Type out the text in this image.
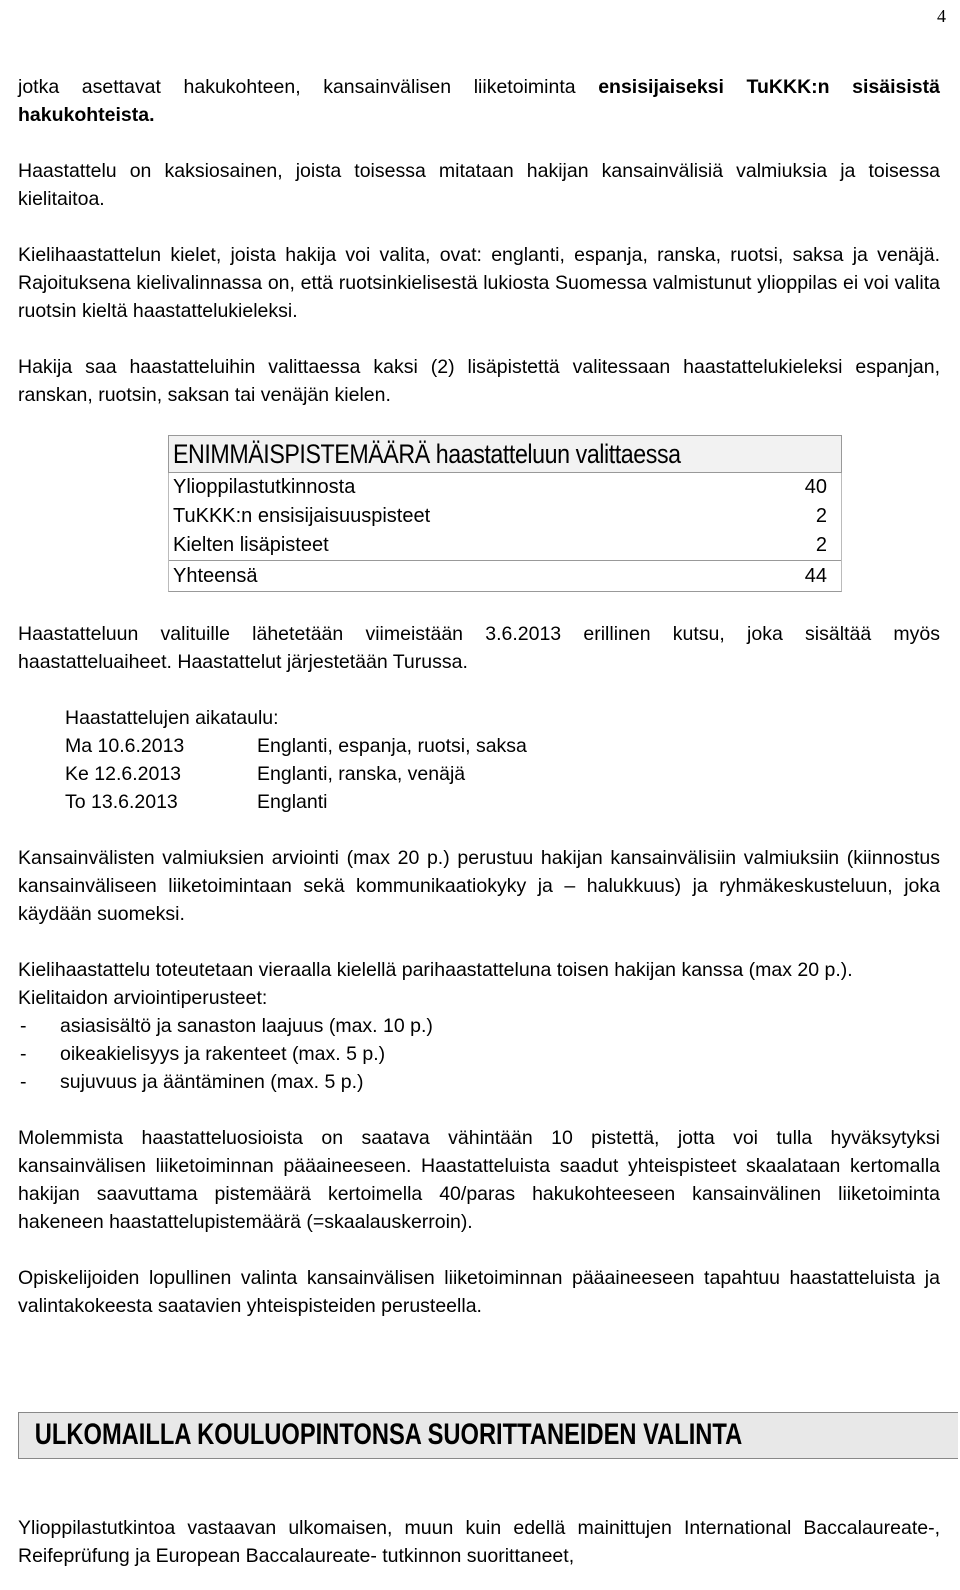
4

jotka asettavat hakukohteen, kansainvälisen liiketoiminta ensisijaiseksi TuKKK:n sisäisistä hakukohteista.

Haastattelu on kaksiosainen, joista toisessa mitataan hakijan kansainvälisiä valmiuksia ja toisessa kielitaitoa.

Kielihaastattelun kielet, joista hakija voi valita, ovat: englanti, espanja, ranska, ruotsi, saksa ja venäjä. Rajoituksena kielivalinnassa on, että ruotsinkielisestä lukiosta Suomessa valmistunut ylioppilas ei voi valita ruotsin kieltä haastattelukieleksi.

Hakija saa haastatteluihin valittaessa kaksi (2) lisäpistettä valitessaan haastattelukieleksi espanjan, ranskan, ruotsin, saksan tai venäjän kielen.

ENIMMÄISPISTEMÄÄRÄ haastatteluun valittaessa
Ylioppilastutkinnosta	40
TuKKK:n ensisijaisuuspisteet	2
Kielten lisäpisteet	2
Yhteensä	44

Haastatteluun valituille lähetetään viimeistään 3.6.2013 erillinen kutsu, joka sisältää myös haastatteluaiheet. Haastattelut järjestetään Turussa.

Haastattelujen aikataulu:
Ma 10.6.2013	Englanti, espanja, ruotsi, saksa
Ke 12.6.2013	Englanti, ranska, venäjä
To 13.6.2013	Englanti

Kansainvälisten valmiuksien arviointi (max 20 p.) perustuu hakijan kansainvälisiin valmiuksiin (kiinnostus kansainväliseen liiketoimintaan sekä kommunikaatiokyky ja – halukkuus) ja ryhmäkeskusteluun, joka käydään suomeksi.

Kielihaastattelu toteutetaan vieraalla kielellä parihaastatteluna toisen hakijan kanssa (max 20 p.).

Kielitaidon arviointiperusteet:

-	asiasisältö ja sanaston laajuus (max. 10 p.)
-	oikeakielisyys ja rakenteet (max. 5 p.)
-	sujuvuus ja ääntäminen (max. 5 p.)

Molemmista haastatteluosioista on saatava vähintään 10 pistettä, jotta voi tulla hyväksytyksi kansainvälisen liiketoiminnan pääaineeseen. Haastatteluista saadut yhteispisteet skaalataan kertomalla hakijan saavuttama pistemäärä kertoimella 40/paras hakukohteeseen kansainvälinen liiketoiminta hakeneen haastattelupistemäärä (=skaalauskerroin).

Opiskelijoiden lopullinen valinta kansainvälisen liiketoiminnan pääaineeseen tapahtuu haastatteluista ja valintakokeesta saatavien yhteispisteiden perusteella.

ULKOMAILLA KOULUOPINTONSA SUORITTANEIDEN VALINTA

Ylioppilastutkintoa vastaavan ulkomaisen, muun kuin edellä mainittujen International Baccalaureate-, Reifeprüfung ja European Baccalaureate- tutkinnon suorittaneet,
